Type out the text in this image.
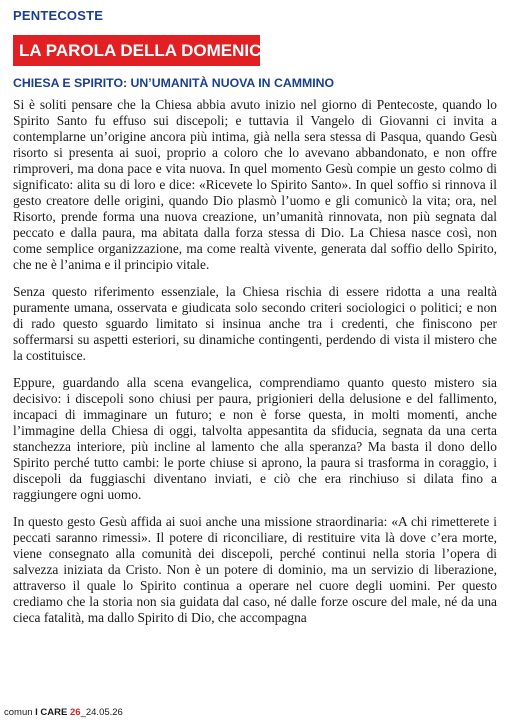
PENTECOSTE
LA PAROLA DELLA DOMENICA
CHIESA E SPIRITO: UN’UMANITÀ NUOVA IN CAMMINO

Si è soliti pensare che la Chiesa abbia avuto inizio nel giorno di Pentecoste, quando lo Spirito Santo fu effuso sui discepoli; e tuttavia il Vangelo di Giovanni ci invita a contemplarne un’origine ancora più intima, già nella sera stessa di Pasqua, quando Gesù risorto si presenta ai suoi, proprio a coloro che lo avevano abbandonato, e non offre rimproveri, ma dona pace e vita nuova. In quel momento Gesù compie un gesto colmo di significato: alita su di loro e dice: «Ricevete lo Spirito Santo». In quel soffio si rinnova il gesto creatore delle origini, quando Dio plasmò l’uomo e gli comunicò la vita; ora, nel Risorto, prende forma una nuova creazione, un’umanità rinnovata, non più segnata dal peccato e dalla paura, ma abitata dalla forza stessa di Dio. La Chiesa nasce così, non come semplice organizzazione, ma come realtà vivente, generata dal soffio dello Spirito, che ne è l’anima e il principio vitale.

Senza questo riferimento essenziale, la Chiesa rischia di essere ridotta a una realtà puramente umana, osservata e giudicata solo secondo criteri sociologici o politici; e non di rado questo sguardo limitato si insinua anche tra i credenti, che finiscono per soffermarsi su aspetti esteriori, su dinamiche contingenti, perdendo di vista il mistero che la costituisce.

Eppure, guardando alla scena evangelica, comprendiamo quanto questo mistero sia decisivo: i discepoli sono chiusi per paura, prigionieri della delusione e del fallimento, incapaci di immaginare un futuro; e non è forse questa, in molti momenti, anche l’immagine della Chiesa di oggi, talvolta appesantita da sfiducia, segnata da una certa stanchezza interiore, più incline al lamento che alla speranza? Ma basta il dono dello Spirito perché tutto cambi: le porte chiuse si aprono, la paura si trasforma in coraggio, i discepoli da fuggiaschi diventano inviati, e ciò che era rinchiuso si dilata fino a raggiungere ogni uomo.

In questo gesto Gesù affida ai suoi anche una missione straordinaria: «A chi rimetterete i peccati saranno rimessi». Il potere di riconciliare, di restituire vita là dove c’era morte, viene consegnato alla comunità dei discepoli, perché continui nella storia l’opera di salvezza iniziata da Cristo. Non è un potere di dominio, ma un servizio di liberazione, attraverso il quale lo Spirito continua a operare nel cuore degli uomini. Per questo crediamo che la storia non sia guidata dal caso, né dalle forze oscure del male, né da una cieca fatalità, ma dallo Spirito di Dio, che accompagna

comun I CARE 26_24.05.26
